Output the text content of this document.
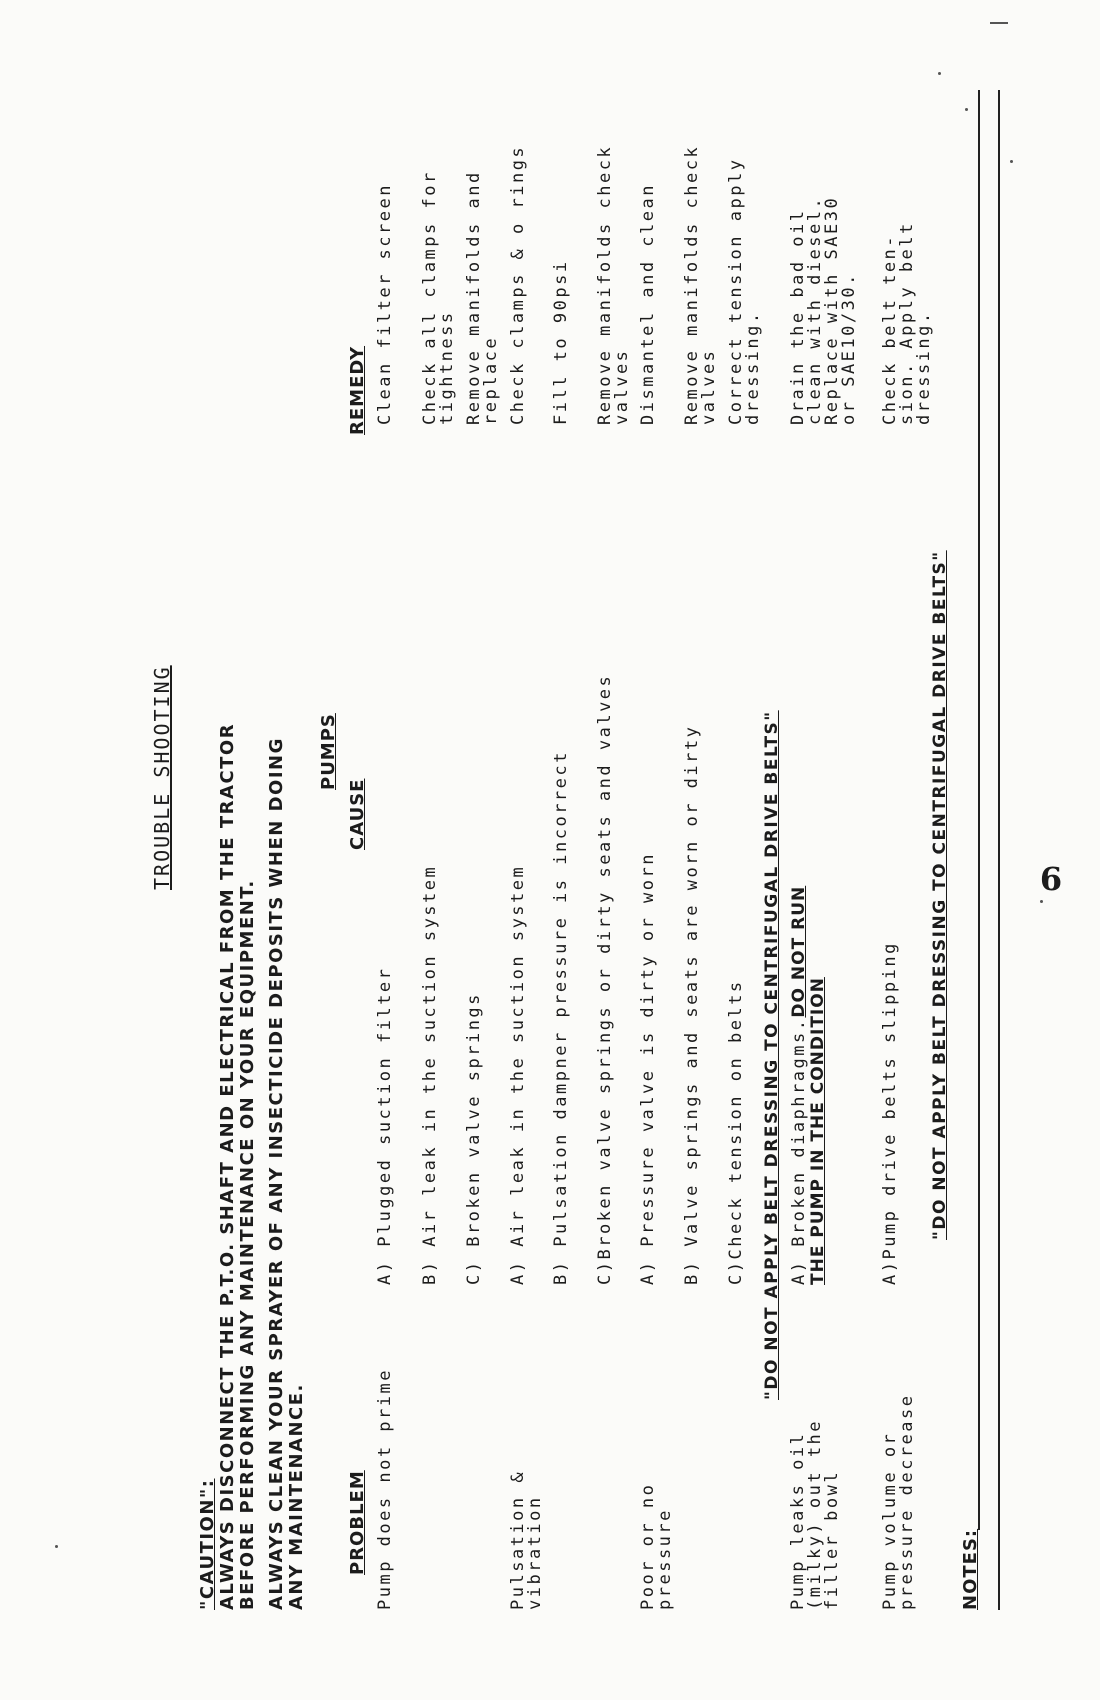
TROUBLE SHOOTING
"CAUTION": ALWAYS DISCONNECT THE P.T.O. SHAFT AND ELECTRICAL FROM THE TRACTOR BEFORE PERFORMING ANY MAINTENANCE ON YOUR EQUIPMENT. ALWAYS CLEAN YOUR SPRAYER OF ANY INSECTICIDE DEPOSITS WHEN DOING ANY MAINTENANCE.
PUMPS
PROBLEM
CAUSE
REMEDY
Pump does not prime
A) Plugged suction filter
Clean filter screen
B) Air leak in the suction system
Check all clamps for tightness
C) Broken valve springs
Remove manifolds and replace
Pulsation & vibration
A) Air leak in the suction system
Check clamps & o rings
B) Pulsation dampner pressure is incorrect
Fill to 90psi
C)Broken valve springs or dirty seats and valves
Remove manifolds check valves
Poor or no pressure
A) Pressure valve is dirty or worn
Dismantel and clean
B) Valve springs and seats are worn or dirty
Remove manifolds check valves
C)Check tension on belts
Correct tension apply dressing.
"DO NOT APPLY BELT DRESSING TO CENTRIFUGAL DRIVE BELTS"
Pump leaks oil (milky) out the filler bowl
A) Broken diaphragms.DO NOT RUN
THE PUMP IN THE CONDITION
Drain the bad oil clean with diesel. Replace with SAE30 or SAE10/30.
Pump volume or pressure decrease
A)Pump drive belts slipping
Check belt ten-sion. Apply belt dressing.
"DO NOT APPLY BELT DRESSING TO CENTRIFUGAL DRIVE BELTS"
NOTES:
6
